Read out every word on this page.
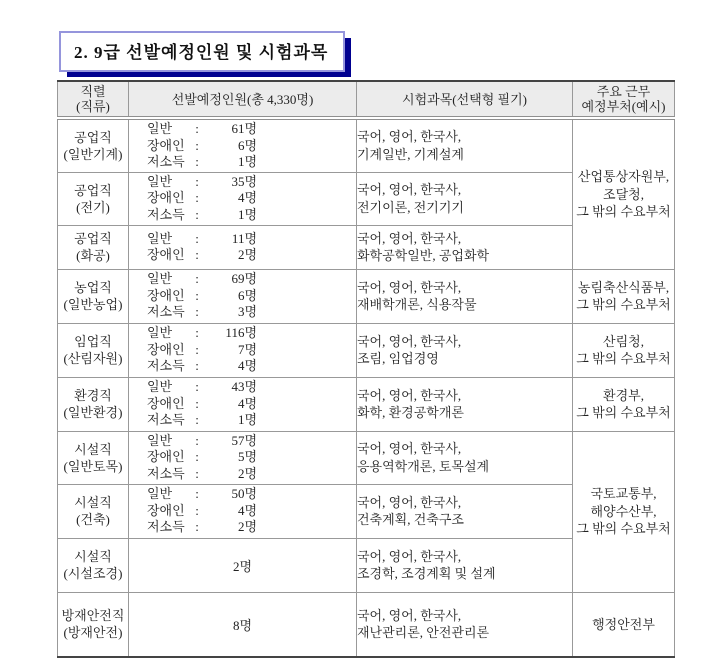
2. 9급 선발예정인원 및 시험과목
직렬
(직류)	선발예정인원(총 4,330명)	시험과목(선택형 필기)	주요 근무
예정부처(예시)

공업직
(일반기계)

일반	:	61명
장애인 :	6명
저소득 :	1명

국어, 영어, 한국사,
기계일반, 기계설계

산업통상자원부,
조달청,
그 밖의 수요부처

공업직
(전기)

일반	:	35명
장애인 :	4명
저소득 :	1명

국어, 영어, 한국사,
전기이론, 전기기기

공업직
(화공)

일반	:	11명
장애인 :	2명

국어, 영어, 한국사,
화학공학일반, 공업화학

농업직
(일반농업)

일반	:	69명
장애인 :	6명
저소득 :	3명

국어, 영어, 한국사,
재배학개론, 식용작물

농림축산식품부,
그 밖의 수요부처

임업직
(산림자원)

일반	:	116명
장애인 :	7명
저소득 :	4명

국어, 영어, 한국사,
조림, 임업경영

산림청,
그 밖의 수요부처

환경직
(일반환경)

일반	:	43명
장애인 :	4명
저소득 :	1명

국어, 영어, 한국사,
화학, 환경공학개론

환경부,
그 밖의 수요부처

시설직
(일반토목)

일반	:	57명
장애인 :	5명
저소득 :	2명

국어, 영어, 한국사,
응용역학개론, 토목설계

국토교통부,
해양수산부,
그 밖의 수요부처

시설직
(건축)

일반	:	50명
장애인 :	4명
저소득 :	2명

국어, 영어, 한국사,
건축계획, 건축구조

시설직
(시설조경)	2명

국어, 영어, 한국사,
조경학, 조경계획 및 설계

방재안전직
(방재안전)	8명

국어, 영어, 한국사,
재난관리론, 안전관리론

행정안전부
